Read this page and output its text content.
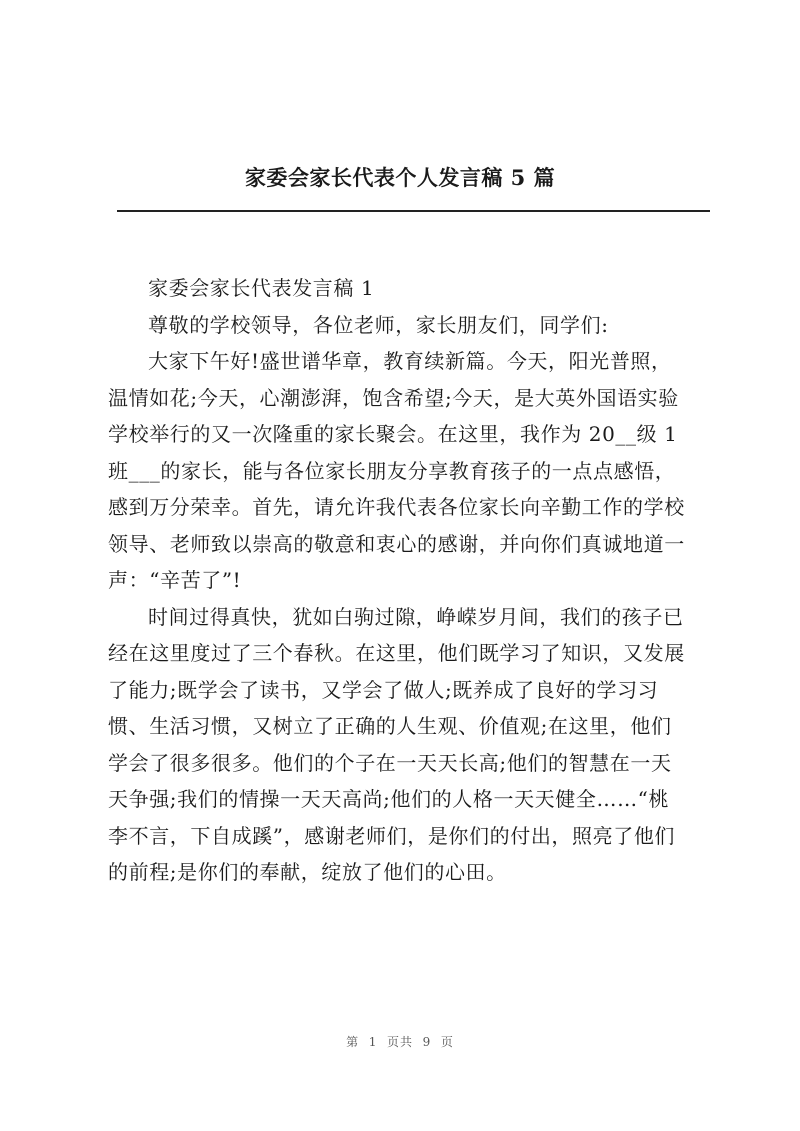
家委会家长代表个人发言稿 5 篇
家委会家长代表发言稿 1
尊敬的学校领导，各位老师，家长朋友们，同学们:
大家下午好!盛世谱华章，教育续新篇。今天，阳光普照，
温情如花;今天，心潮澎湃，饱含希望;今天，是大英外国语实验
学校举行的又一次隆重的家长聚会。在这里，我作为 20__级 1
班___的家长，能与各位家长朋友分享教育孩子的一点点感悟，
感到万分荣幸。首先，请允许我代表各位家长向辛勤工作的学校
领导、老师致以崇高的敬意和衷心的感谢，并向你们真诚地道一
声：“辛苦了”!
时间过得真快，犹如白驹过隙，峥嵘岁月间，我们的孩子已
经在这里度过了三个春秋。在这里，他们既学习了知识，又发展
了能力;既学会了读书，又学会了做人;既养成了良好的学习习
惯、生活习惯，又树立了正确的人生观、价值观;在这里，他们
学会了很多很多。他们的个子在一天天长高;他们的智慧在一天
天争强;我们的情操一天天高尚;他们的人格一天天健全……“桃
李不言，下自成蹊”，感谢老师们，是你们的付出，照亮了他们
的前程;是你们的奉献，绽放了他们的心田。
第  1  页共  9  页
